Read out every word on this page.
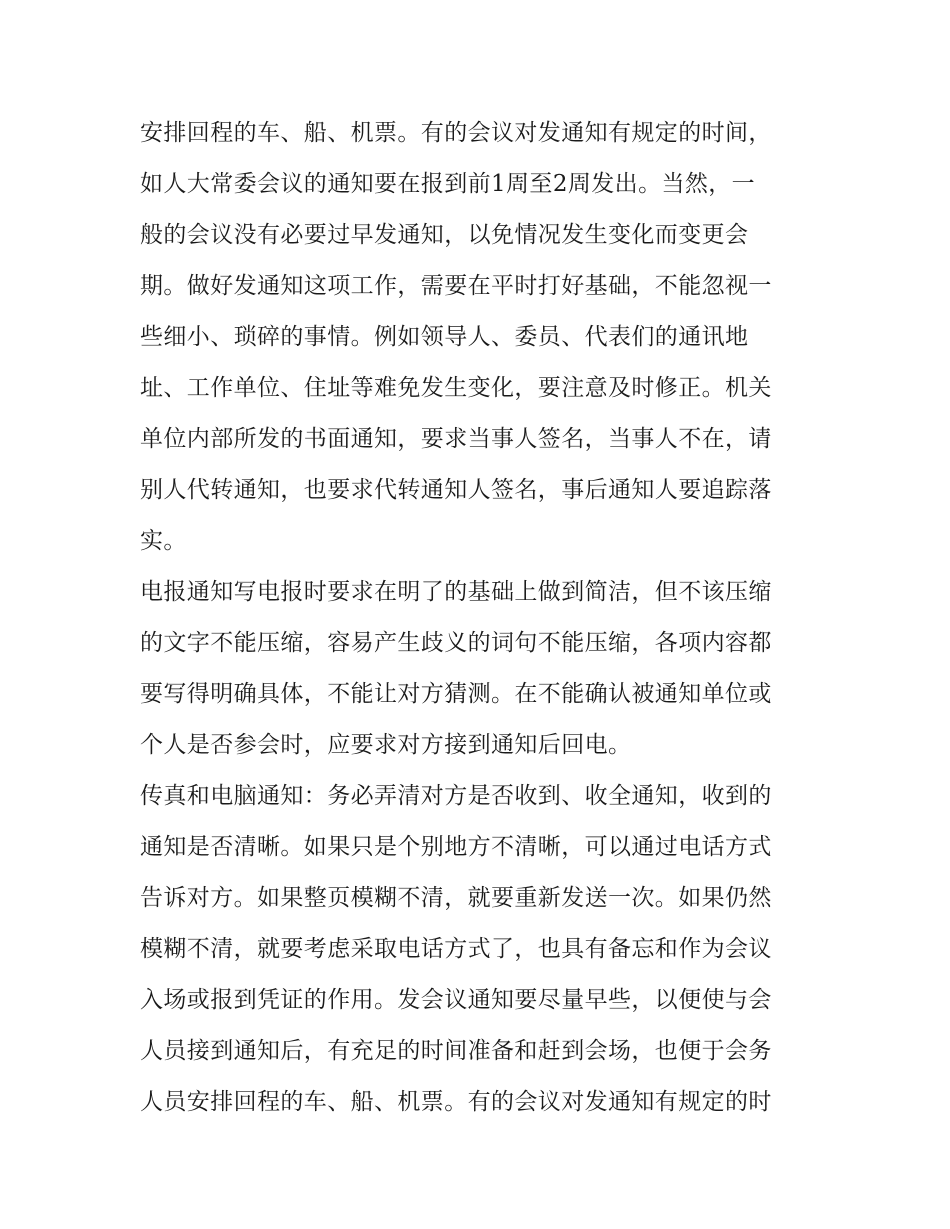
安排回程的车、船、机票。有的会议对发通知有规定的时间，
如人大常委会议的通知要在报到前1周至2周发出。当然，一
般的会议没有必要过早发通知，以免情况发生变化而变更会
期。做好发通知这项工作，需要在平时打好基础，不能忽视一
些细小、琐碎的事情。例如领导人、委员、代表们的通讯地
址、工作单位、住址等难免发生变化，要注意及时修正。机关
单位内部所发的书面通知，要求当事人签名，当事人不在，请
别人代转通知，也要求代转通知人签名，事后通知人要追踪落
实。
电报通知写电报时要求在明了的基础上做到简洁，但不该压缩
的文字不能压缩，容易产生歧义的词句不能压缩，各项内容都
要写得明确具体，不能让对方猜测。在不能确认被通知单位或
个人是否参会时，应要求对方接到通知后回电。
传真和电脑通知：务必弄清对方是否收到、收全通知，收到的
通知是否清晰。如果只是个别地方不清晰，可以通过电话方式
告诉对方。如果整页模糊不清，就要重新发送一次。如果仍然
模糊不清，就要考虑采取电话方式了，也具有备忘和作为会议
入场或报到凭证的作用。发会议通知要尽量早些，以便使与会
人员接到通知后，有充足的时间准备和赶到会场，也便于会务
人员安排回程的车、船、机票。有的会议对发通知有规定的时
